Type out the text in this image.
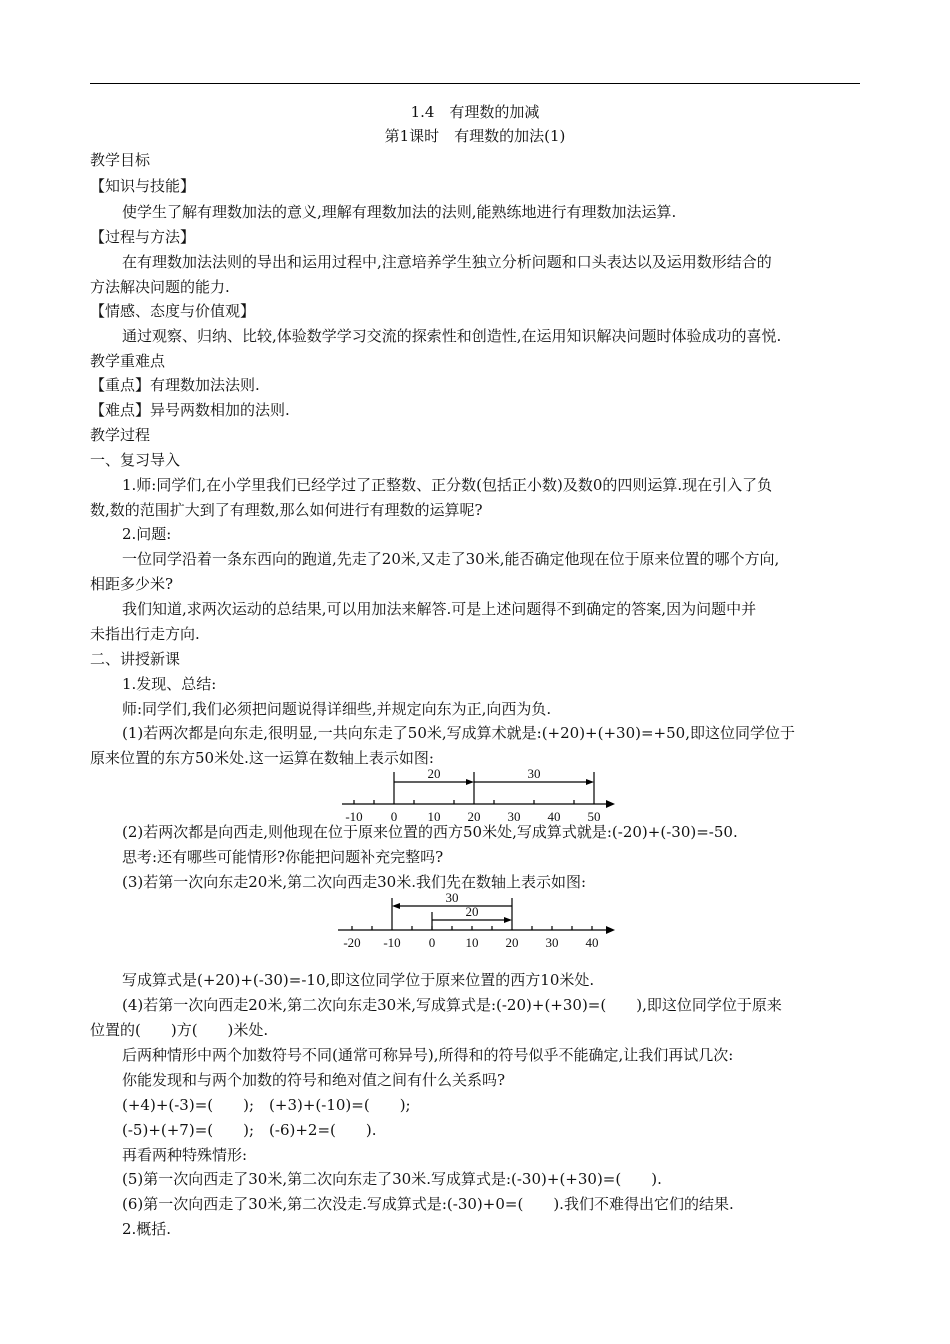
1.4　有理数的加减
第1课时　有理数的加法(1)
教学目标
【知识与技能】
使学生了解有理数加法的意义,理解有理数加法的法则,能熟练地进行有理数加法运算.
【过程与方法】
在有理数加法法则的导出和运用过程中,注意培养学生独立分析问题和口头表达以及运用数形结合的
方法解决问题的能力.
【情感、态度与价值观】
通过观察、归纳、比较,体验数学学习交流的探索性和创造性,在运用知识解决问题时体验成功的喜悦.
教学重难点
【重点】有理数加法法则.
【难点】异号两数相加的法则.
教学过程
一、复习导入
1.师:同学们,在小学里我们已经学过了正整数、正分数(包括正小数)及数0的四则运算.现在引入了负
数,数的范围扩大到了有理数,那么如何进行有理数的运算呢?
2.问题:
一位同学沿着一条东西向的跑道,先走了20米,又走了30米,能否确定他现在位于原来位置的哪个方向,
相距多少米?
我们知道,求两次运动的总结果,可以用加法来解答.可是上述问题得不到确定的答案,因为问题中并
未指出行走方向.
二、讲授新课
1.发现、总结:
师:同学们,我们必须把问题说得详细些,并规定向东为正,向西为负.
(1)若两次都是向东走,很明显,一共向东走了50米,写成算术就是:(+20)+(+30)=+50,即这位同学位于
原来位置的东方50米处.这一运算在数轴上表示如图:
20	30
-10 0 10 20 30 40 50
(2)若两次都是向西走,则他现在位于原来位置的西方50米处,写成算式就是:(-20)+(-30)=-50.
思考:还有哪些可能情形?你能把问题补充完整吗?
(3)若第一次向东走20米,第二次向西走30米.我们先在数轴上表示如图:
30
20
-20 -10 0 10 20 30 40
写成算式是(+20)+(-30)=-10,即这位同学位于原来位置的西方10米处.
(4)若第一次向西走20米,第二次向东走30米,写成算式是:(-20)+(+30)=(　　),即这位同学位于原来
位置的(　　)方(　　)米处.
后两种情形中两个加数符号不同(通常可称异号),所得和的符号似乎不能确定,让我们再试几次:
你能发现和与两个加数的符号和绝对值之间有什么关系吗?
(+4)+(-3)=(　　);　(+3)+(-10)=(　　);
(-5)+(+7)=(　　);　(-6)+2=(　　).
再看两种特殊情形:
(5)第一次向西走了30米,第二次向东走了30米.写成算式是:(-30)+(+30)=(　　).
(6)第一次向西走了30米,第二次没走.写成算式是:(-30)+0=(　　).我们不难得出它们的结果.
2.概括.
